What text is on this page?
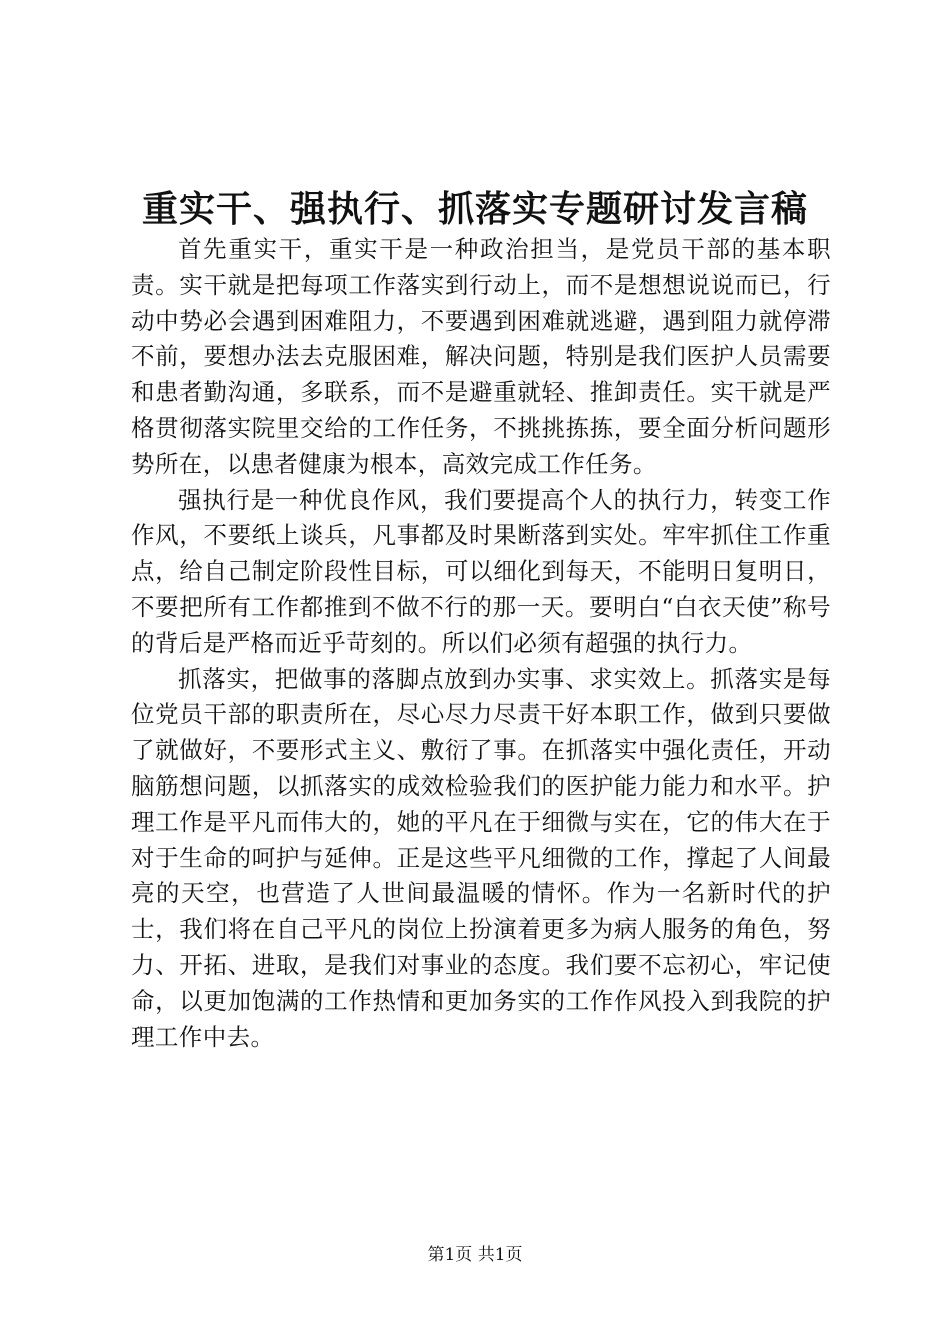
重实干、强执行、抓落实专题研讨发言稿

首先重实干，重实干是一种政治担当，是党员干部的基本职责。实干就是把每项工作落实到行动上，而不是想想说说而已，行动中势必会遇到困难阻力，不要遇到困难就逃避，遇到阻力就停滞不前，要想办法去克服困难，解决问题，特别是我们医护人员需要和患者勤沟通，多联系，而不是避重就轻、推卸责任。实干就是严格贯彻落实院里交给的工作任务，不挑挑拣拣，要全面分析问题形势所在，以患者健康为根本，高效完成工作任务。

强执行是一种优良作风，我们要提高个人的执行力，转变工作作风，不要纸上谈兵，凡事都及时果断落到实处。牢牢抓住工作重点，给自己制定阶段性目标，可以细化到每天，不能明日复明日，不要把所有工作都推到不做不行的那一天。要明白“白衣天使”称号的背后是严格而近乎苛刻的。所以们必须有超强的执行力。

抓落实，把做事的落脚点放到办实事、求实效上。抓落实是每位党员干部的职责所在，尽心尽力尽责干好本职工作，做到只要做了就做好，不要形式主义、敷衍了事。在抓落实中强化责任，开动脑筋想问题，以抓落实的成效检验我们的医护能力能力和水平。护理工作是平凡而伟大的，她的平凡在于细微与实在，它的伟大在于对于生命的呵护与延伸。正是这些平凡细微的工作，撑起了人间最亮的天空，也营造了人世间最温暖的情怀。作为一名新时代的护士，我们将在自己平凡的岗位上扮演着更多为病人服务的角色，努力、开拓、进取，是我们对事业的态度。我们要不忘初心，牢记使命，以更加饱满的工作热情和更加务实的工作作风投入到我院的护理工作中去。

第1页 共1页
